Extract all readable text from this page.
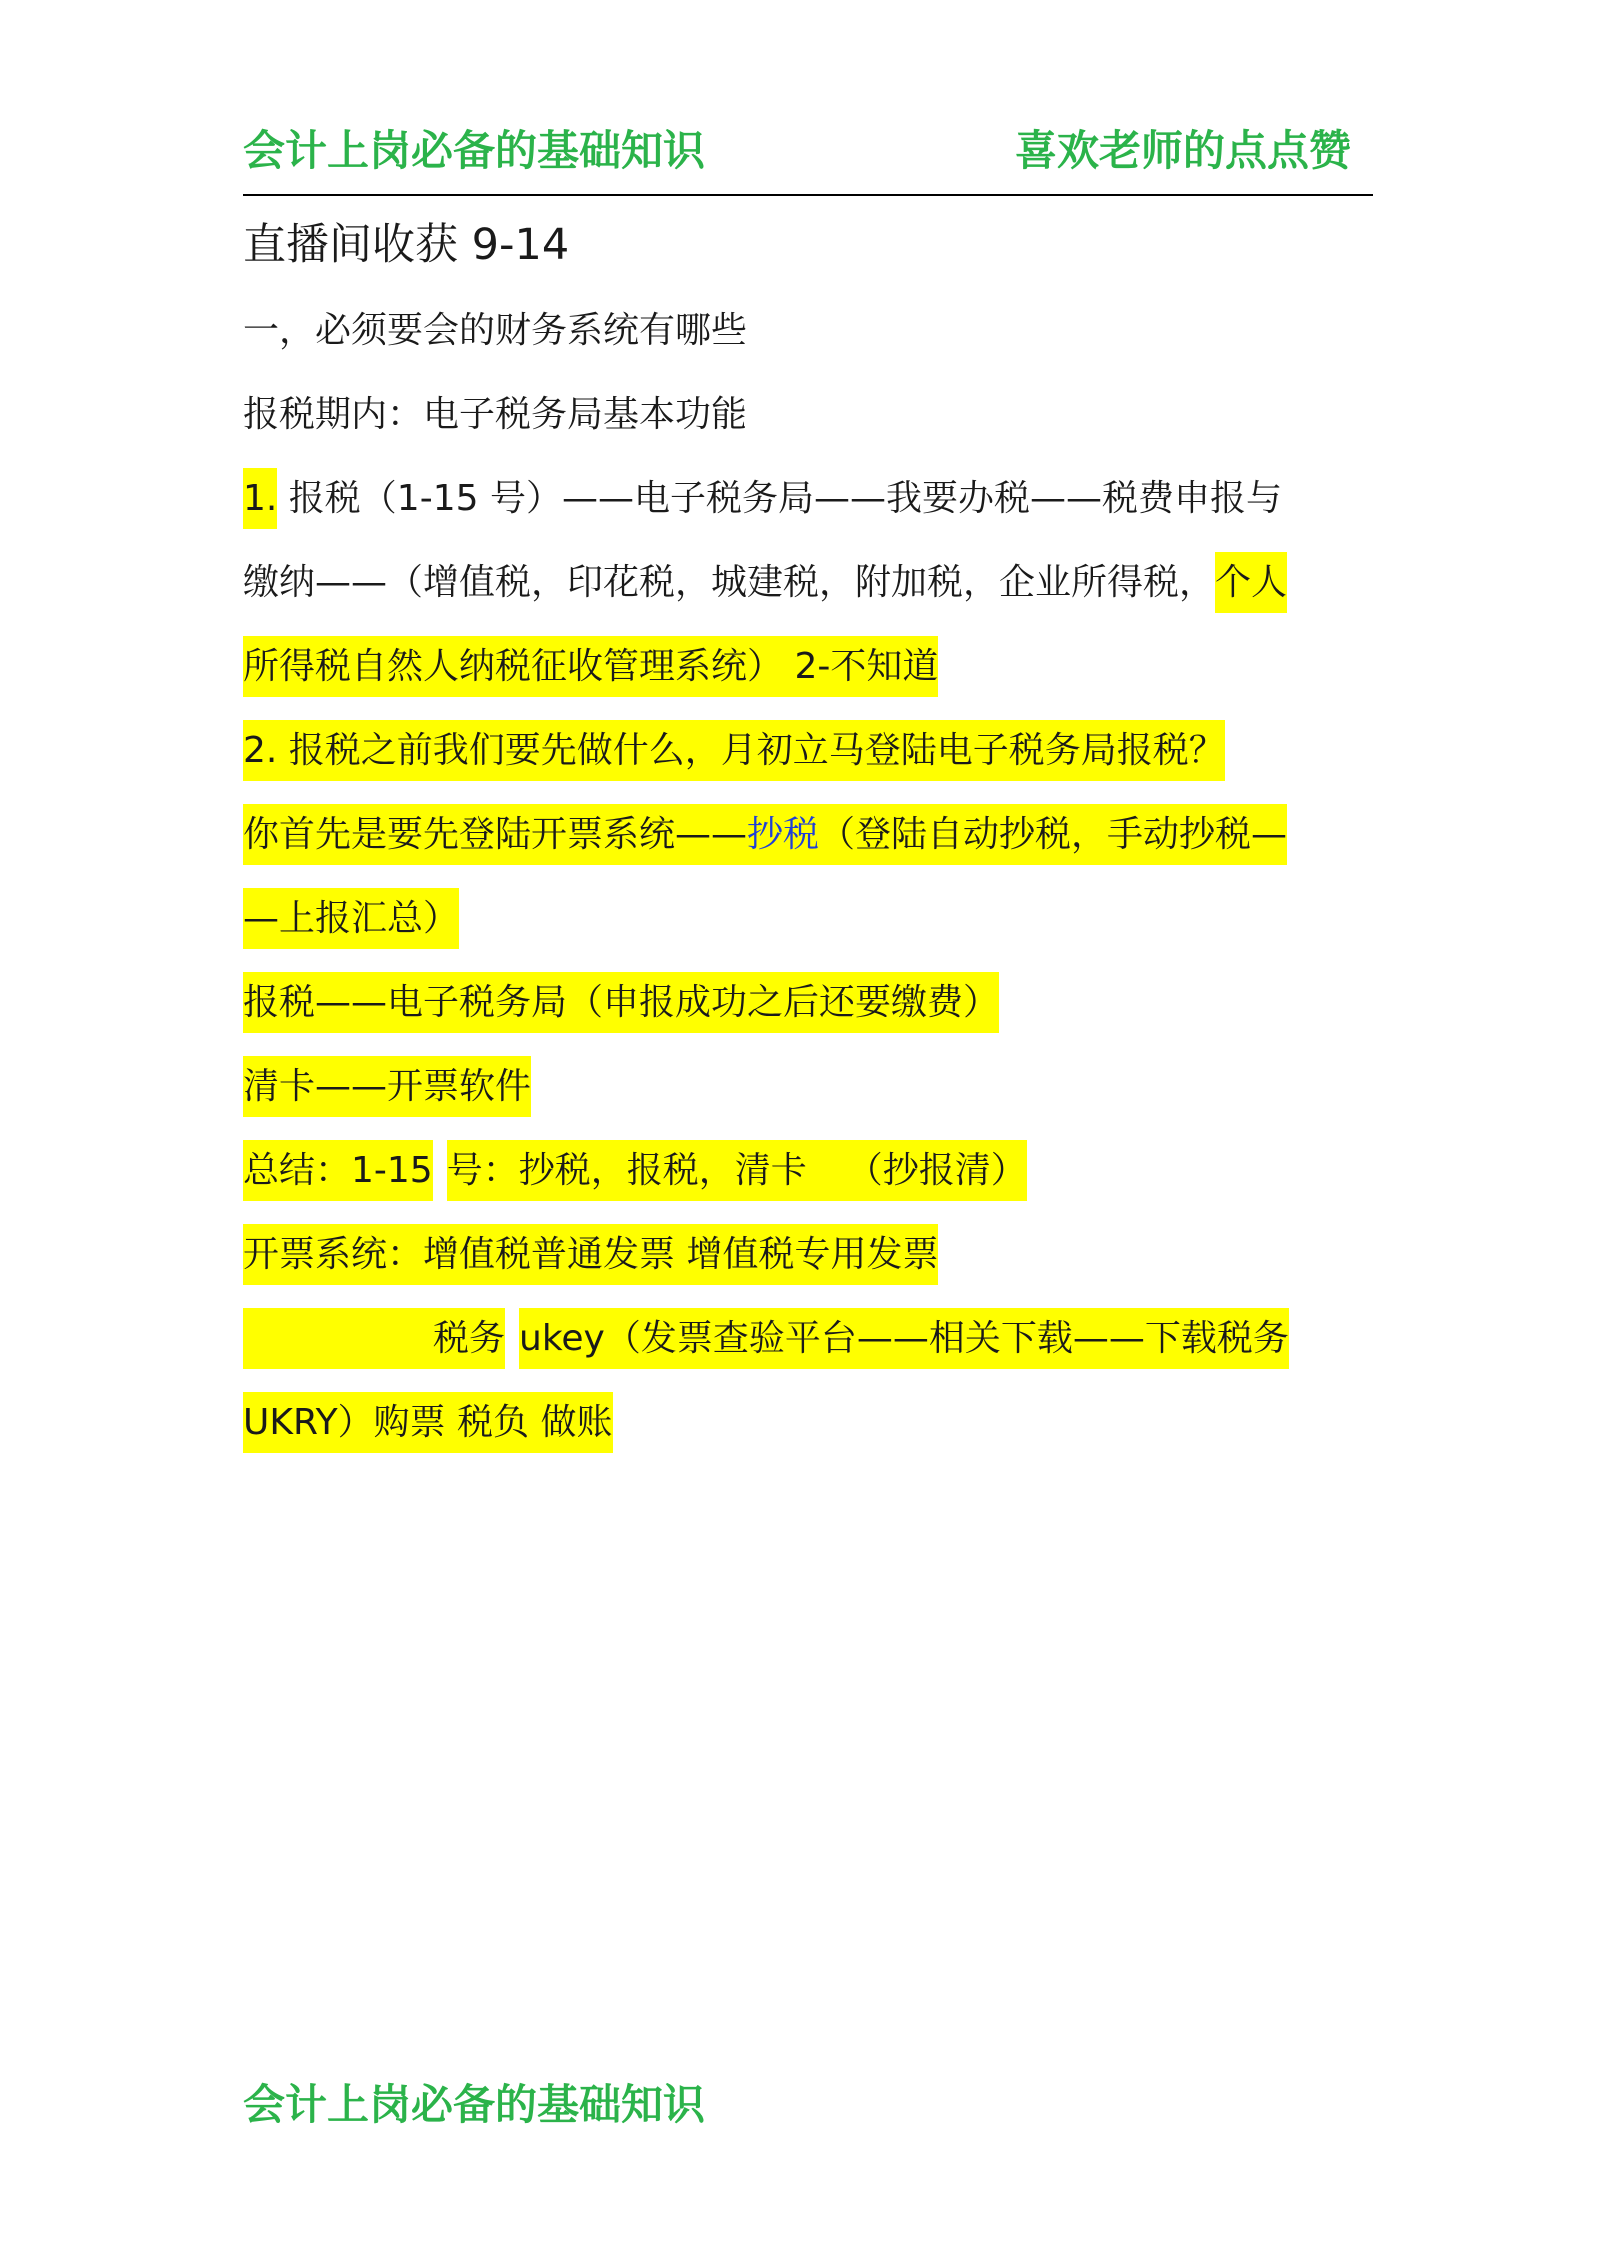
会计上岗必备的基础知识	喜欢老师的点点赞
直播间收获 9-14
一，必须要会的财务系统有哪些
报税期内：电子税务局基本功能
1. 报税（1-15 号）——电子税务局——我要办税——税费申报与
缴纳——（增值税，印花税，城建税，附加税，企业所得税，个人
所得税自然人纳税征收管理系统） 2-不知道
2. 报税之前我们要先做什么，月初立马登陆电子税务局报税？
你首先是要先登陆开票系统——抄税（登陆自动抄税，手动抄税—
—上报汇总）
报税——电子税务局（申报成功之后还要缴费）
清卡——开票软件
总结：1-15 号：抄税，报税，清卡 （抄报清）
开票系统：增值税普通发票 增值税专用发票
税务 ukey（发票查验平台——相关下载——下载税务
UKRY）购票 税负 做账
会计上岗必备的基础知识
